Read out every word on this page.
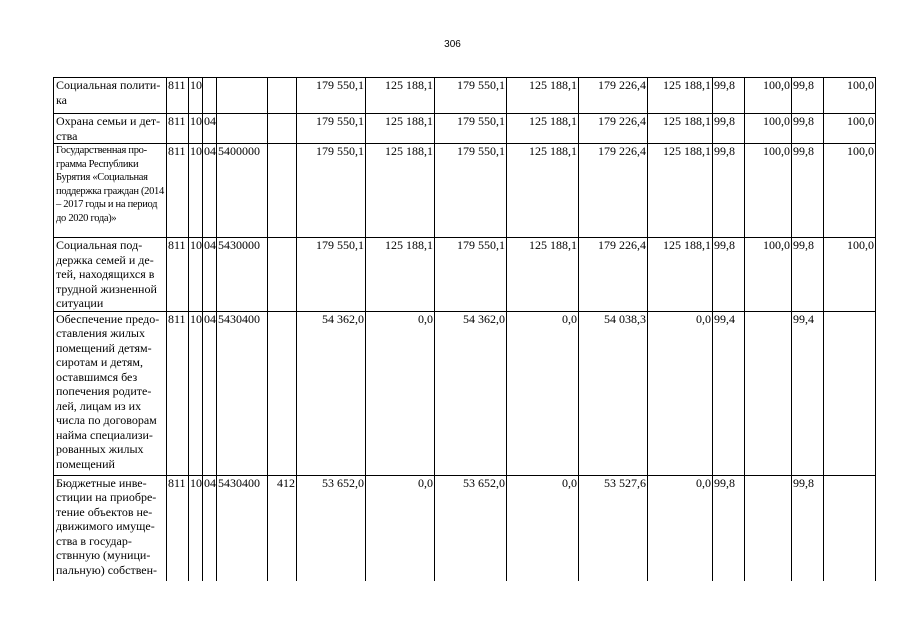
306
Социальная полити-ка	811	10				179 550,1	125 188,1	179 550,1	125 188,1	179 226,4	125 188,1	99,8	100,0	99,8	100,0
Охрана семьи и дет-ства	811	10	04			179 550,1	125 188,1	179 550,1	125 188,1	179 226,4	125 188,1	99,8	100,0	99,8	100,0
Государственная про-грамма Республики Бурятия «Социальная поддержка граждан (2014 – 2017 годы и на период до 2020 года)»	811	10	04	5400000		179 550,1	125 188,1	179 550,1	125 188,1	179 226,4	125 188,1	99,8	100,0	99,8	100,0
Социальная под-держка семей и де-тей, находящихся в трудной жизненной ситуации	811	10	04	5430000		179 550,1	125 188,1	179 550,1	125 188,1	179 226,4	125 188,1	99,8	100,0	99,8	100,0
Обеспечение предо-ставления жилых помещений детям-сиротам и детям, оставшимся без попечения родите-лей, лицам из их числа по договорам найма специализи-рованных жилых помещений	811	10	04	5430400		54 362,0	0,0	54 362,0	0,0	54 038,3	0,0	99,4		99,4	
Бюджетные инве-стиции на приобре-тение объектов не-движимого имуще-ства в государ-ствнную (муници-пальную) собствен-	811	10	04	5430400	412	53 652,0	0,0	53 652,0	0,0	53 527,6	0,0	99,8		99,8	
